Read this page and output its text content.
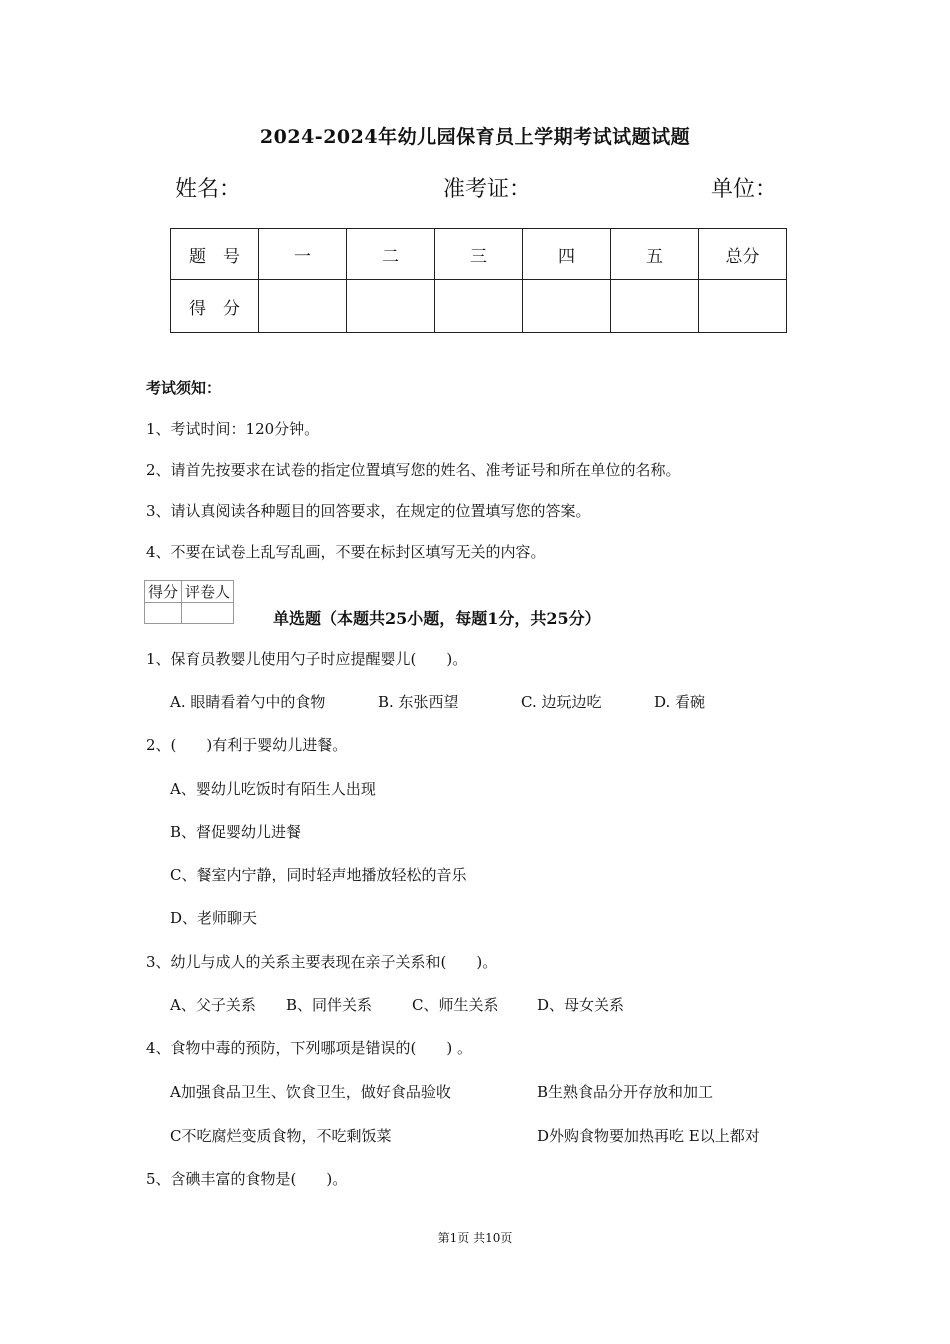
2024-2024年幼儿园保育员上学期考试试题试题
姓名：	准考证：	单位：
题　号	一	二	三	四	五	总分
得　分						
考试须知：
1、考试时间：120分钟。
2、请首先按要求在试卷的指定位置填写您的姓名、准考证号和所在单位的名称。
3、请认真阅读各种题目的回答要求，在规定的位置填写您的答案。
4、不要在试卷上乱写乱画，不要在标封区填写无关的内容。
得分	评卷人

单选题（本题共25小题，每题1分，共25分）
1、保育员教婴儿使用勺子时应提醒婴儿(　　)。
A. 眼睛看着勺中的食物	B. 东张西望	C. 边玩边吃	D. 看碗
2、(　　)有利于婴幼儿进餐。
A、婴幼儿吃饭时有陌生人出现
B、督促婴幼儿进餐
C、餐室内宁静，同时轻声地播放轻松的音乐
D、老师聊天
3、幼儿与成人的关系主要表现在亲子关系和(　　)。
A、父子关系 B、同伴关系	C、师生关系	D、母女关系
4、食物中毒的预防，下列哪项是错误的(　　) 。
A加强食品卫生、饮食卫生，做好食品验收	B生熟食品分开存放和加工
C不吃腐烂变质食物，不吃剩饭菜	D外购食物要加热再吃 E以上都对
5、含碘丰富的食物是(　　)。
第1页 共10页
